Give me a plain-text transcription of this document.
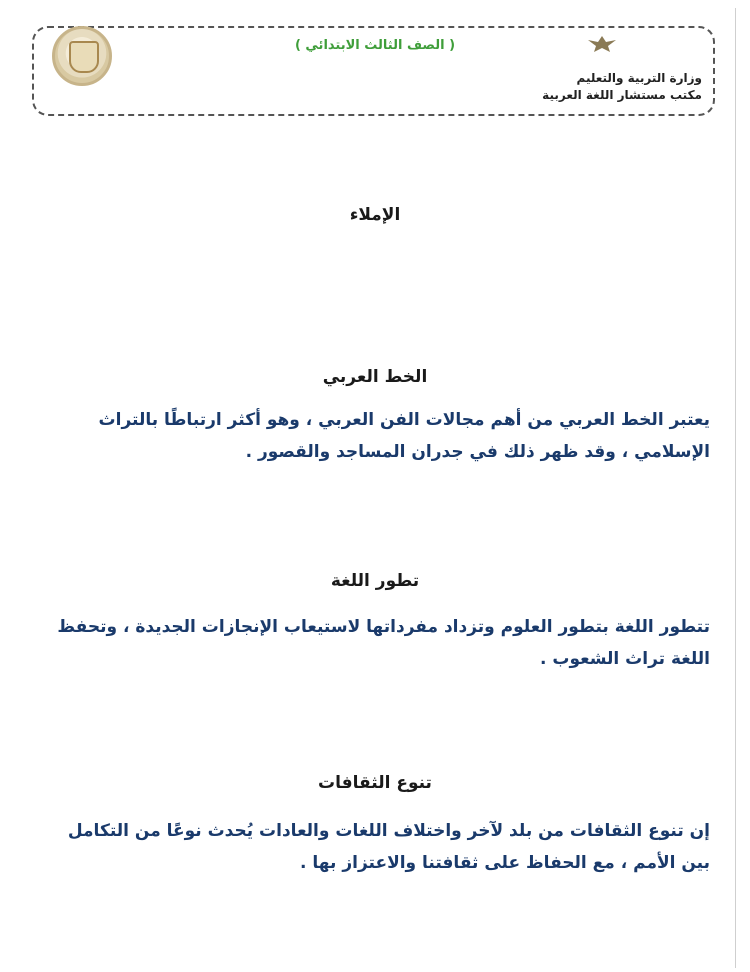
( الصف الثالث الابتدائي )
وزارة التربية والتعليم
مكتب مستشار اللغة العربية
الإملاء
الخط العربي
يعتبر الخط العربي من أهم مجالات الفن العربي ، وهو أكثر ارتباطًا بالتراث
الإسلامي ، وقد ظهر ذلك في جدران المساجد والقصور .
تطور اللغة
تتطور اللغة بتطور العلوم وتزداد مفرداتها لاستيعاب الإنجازات الجديدة ، وتحفظ
اللغة تراث الشعوب .
تنوع الثقافات
إن تنوع الثقافات من بلد لآخر واختلاف اللغات والعادات يُحدث نوعًا من التكامل
بين الأمم ، مع الحفاظ على ثقافتنا والاعتزاز بها .
